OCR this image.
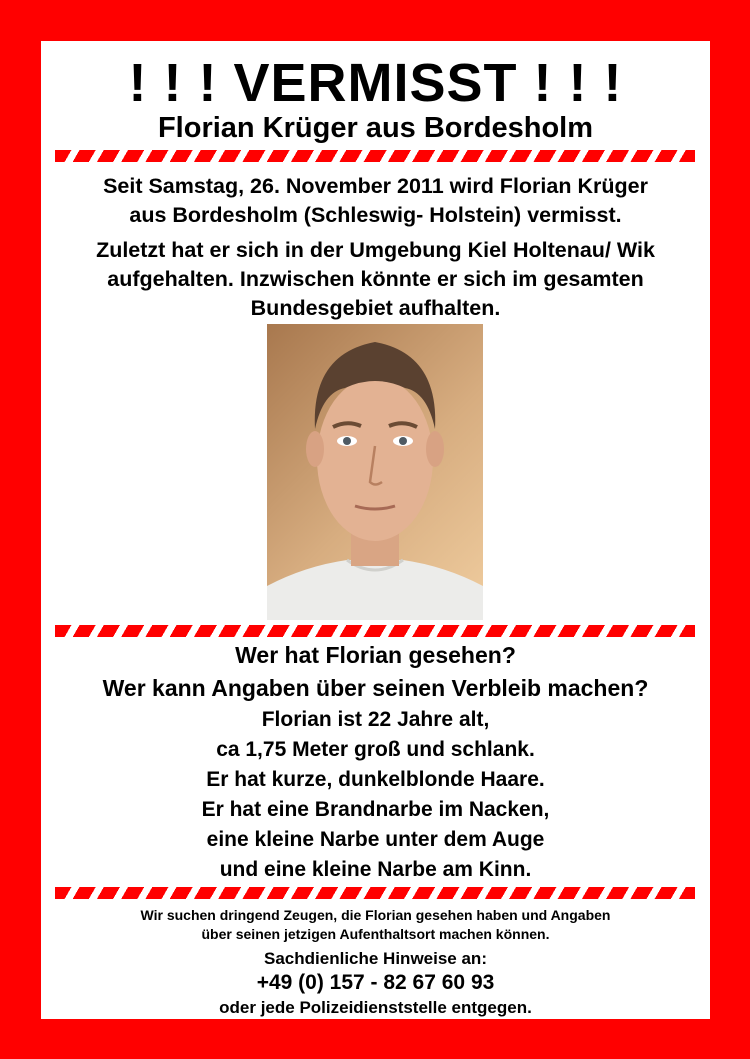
! ! ! VERMISST ! ! !

Florian Krüger aus Bordesholm

Seit Samstag, 26. November 2011 wird Florian Krüger
aus Bordesholm (Schleswig- Holstein) vermisst.
Zuletzt hat er sich in der Umgebung Kiel Holtenau/ Wik
aufgehalten. Inzwischen könnte er sich im gesamten
Bundesgebiet aufhalten.
Wer hat Florian gesehen?
Wer kann Angaben über seinen Verbleib machen?
Florian ist 22 Jahre alt,
ca 1,75 Meter groß und schlank.
Er hat kurze, dunkelblonde Haare.
Er hat eine Brandnarbe im Nacken,
eine kleine Narbe unter dem Auge
und eine kleine Narbe am Kinn.
Wir suchen dringend Zeugen, die Florian gesehen haben und Angaben
über seinen jetzigen Aufenthaltsort machen können.

Sachdienliche Hinweise an:

+49 (0) 157 - 82 67 60 93

oder jede Polizeidienststelle entgegen.
